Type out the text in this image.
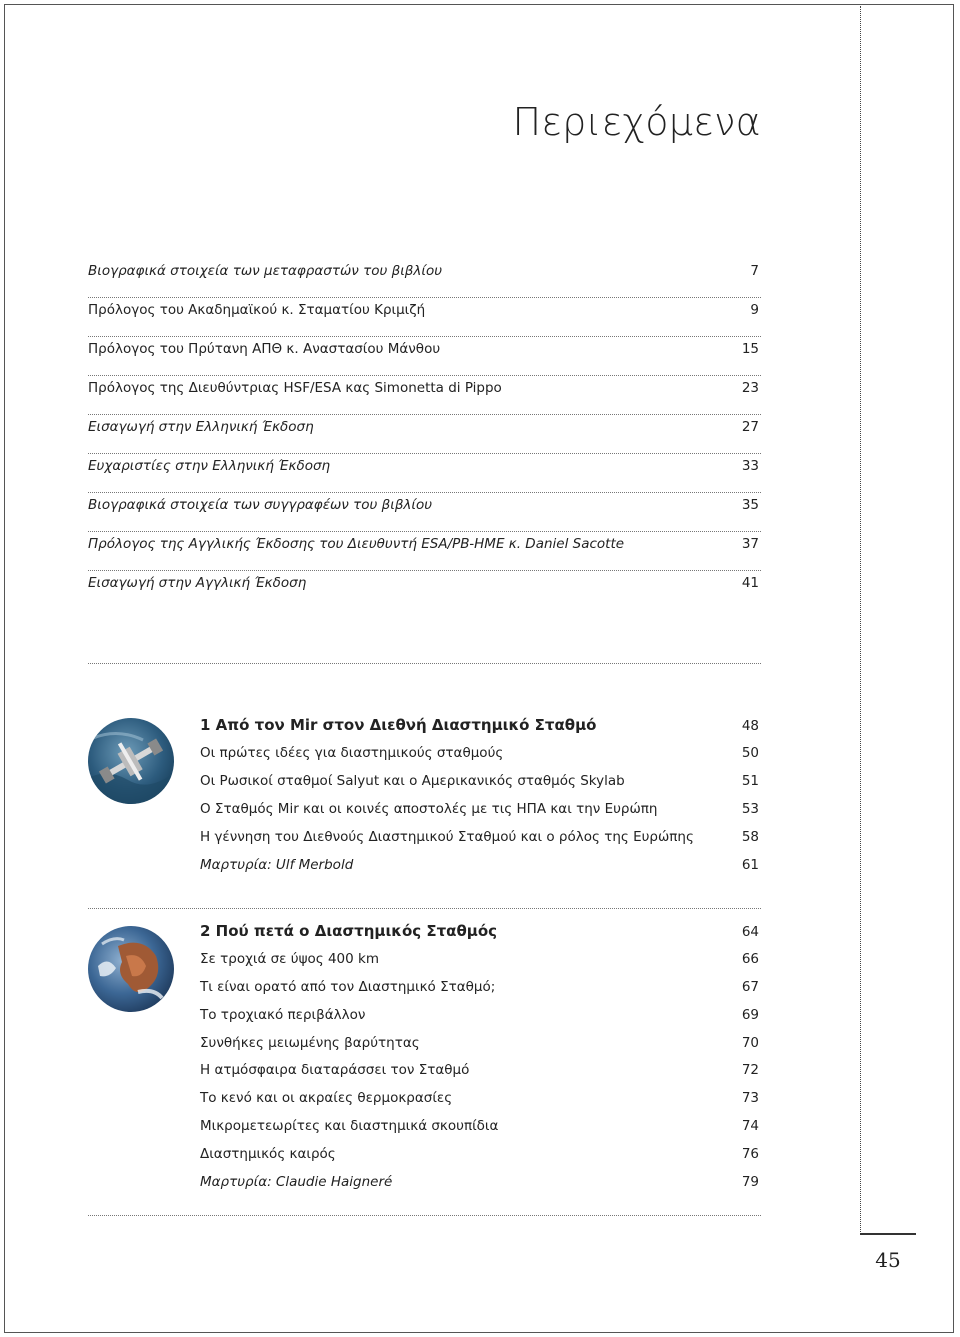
45
Περιεχόμενα
Βιογραφικά στοιχεία των μεταφραστών του βιβλίου	7
Πρόλογος του Ακαδημαϊκού κ. Σταματίου Κριμιζή	9
Πρόλογος του Πρύτανη ΑΠΘ κ. Αναστασίου Μάνθου	15
Πρόλογος της Διευθύντριας HSF/ESA κας Simonetta di Pippo	23
Εισαγωγή στην Ελληνική Έκδοση	27
Ευχαριστίες στην Ελληνική Έκδοση	33
Βιογραφικά στοιχεία των συγγραφέων του βιβλίου	35
Πρόλογος της Αγγλικής Έκδοσης του Διευθυντή ESA/PB-HME κ. Daniel Sacotte	37
Εισαγωγή στην Αγγλική Έκδοση	41
1 Από τον Mir στον Διεθνή Διαστημικό Σταθμό	48
Οι πρώτες ιδέες για διαστημικούς σταθμούς	50
Οι Ρωσικοί σταθμοί Salyut και ο Αμερικανικός σταθμός Skylab	51
Ο Σταθμός Mir και οι κοινές αποστολές με τις ΗΠΑ και την Ευρώπη	53
Η γέννηση του Διεθνούς Διαστημικού Σταθμού και ο ρόλος της Ευρώπης	58
Μαρτυρία: Ulf Merbold	61
2 Πού πετά ο Διαστημικός Σταθμός	64
Σε τροχιά σε ύψος 400 km	66
Τι είναι ορατό από τον Διαστημικό Σταθμό;	67
Το τροχιακό περιβάλλον	69
Συνθήκες μειωμένης βαρύτητας	70
Η ατμόσφαιρα διαταράσσει τον Σταθμό	72
Το κενό και οι ακραίες θερμοκρασίες	73
Μικρομετεωρίτες και διαστημικά σκουπίδια	74
Διαστημικός καιρός	76
Μαρτυρία: Claudie Haigneré	79
